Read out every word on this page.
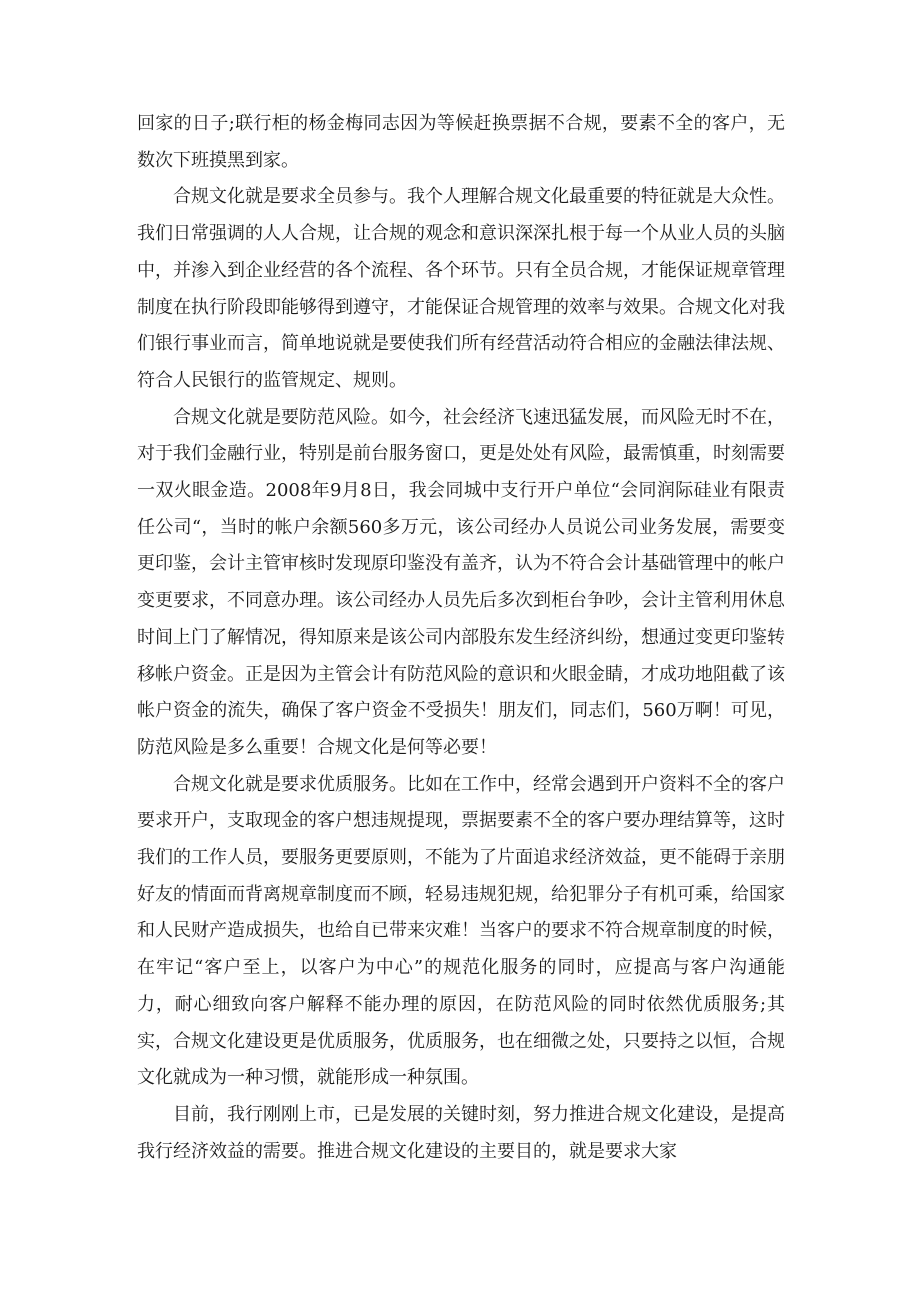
回家的日子;联行柜的杨金梅同志因为等候赶换票据不合规，要素不全的客户，无数次下班摸黑到家。

合规文化就是要求全员参与。我个人理解合规文化最重要的特征就是大众性。我们日常强调的人人合规，让合规的观念和意识深深扎根于每一个从业人员的头脑中，并渗入到企业经营的各个流程、各个环节。只有全员合规，才能保证规章管理制度在执行阶段即能够得到遵守，才能保证合规管理的效率与效果。合规文化对我们银行事业而言，简单地说就是要使我们所有经营活动符合相应的金融法律法规、符合人民银行的监管规定、规则。

合规文化就是要防范风险。如今，社会经济飞速迅猛发展，而风险无时不在，对于我们金融行业，特别是前台服务窗口，更是处处有风险，最需慎重，时刻需要一双火眼金造。2008年9月8日，我会同城中支行开户单位“会同润际硅业有限责任公司“，当时的帐户余额560多万元，该公司经办人员说公司业务发展，需要变更印鉴，会计主管审核时发现原印鉴没有盖齐，认为不符合会计基础管理中的帐户变更要求，不同意办理。该公司经办人员先后多次到柜台争吵，会计主管利用休息时间上门了解情况，得知原来是该公司内部股东发生经济纠纷，想通过变更印鉴转移帐户资金。正是因为主管会计有防范风险的意识和火眼金睛，才成功地阻截了该帐户资金的流失，确保了客户资金不受损失！朋友们，同志们，560万啊！可见，防范风险是多么重要！合规文化是何等必要！

合规文化就是要求优质服务。比如在工作中，经常会遇到开户资料不全的客户要求开户，支取现金的客户想违规提现，票据要素不全的客户要办理结算等，这时我们的工作人员，要服务更要原则，不能为了片面追求经济效益，更不能碍于亲朋好友的情面而背离规章制度而不顾，轻易违规犯规，给犯罪分子有机可乘，给国家和人民财产造成损失，也给自已带来灾难！当客户的要求不符合规章制度的时候，在牢记“客户至上，以客户为中心”的规范化服务的同时，应提高与客户沟通能力，耐心细致向客户解释不能办理的原因，在防范风险的同时依然优质服务;其实，合规文化建设更是优质服务，优质服务，也在细微之处，只要持之以恒，合规文化就成为一种习惯，就能形成一种氛围。

目前，我行刚刚上市，已是发展的关键时刻，努力推进合规文化建设，是提高我行经济效益的需要。推进合规文化建设的主要目的，就是要求大家
